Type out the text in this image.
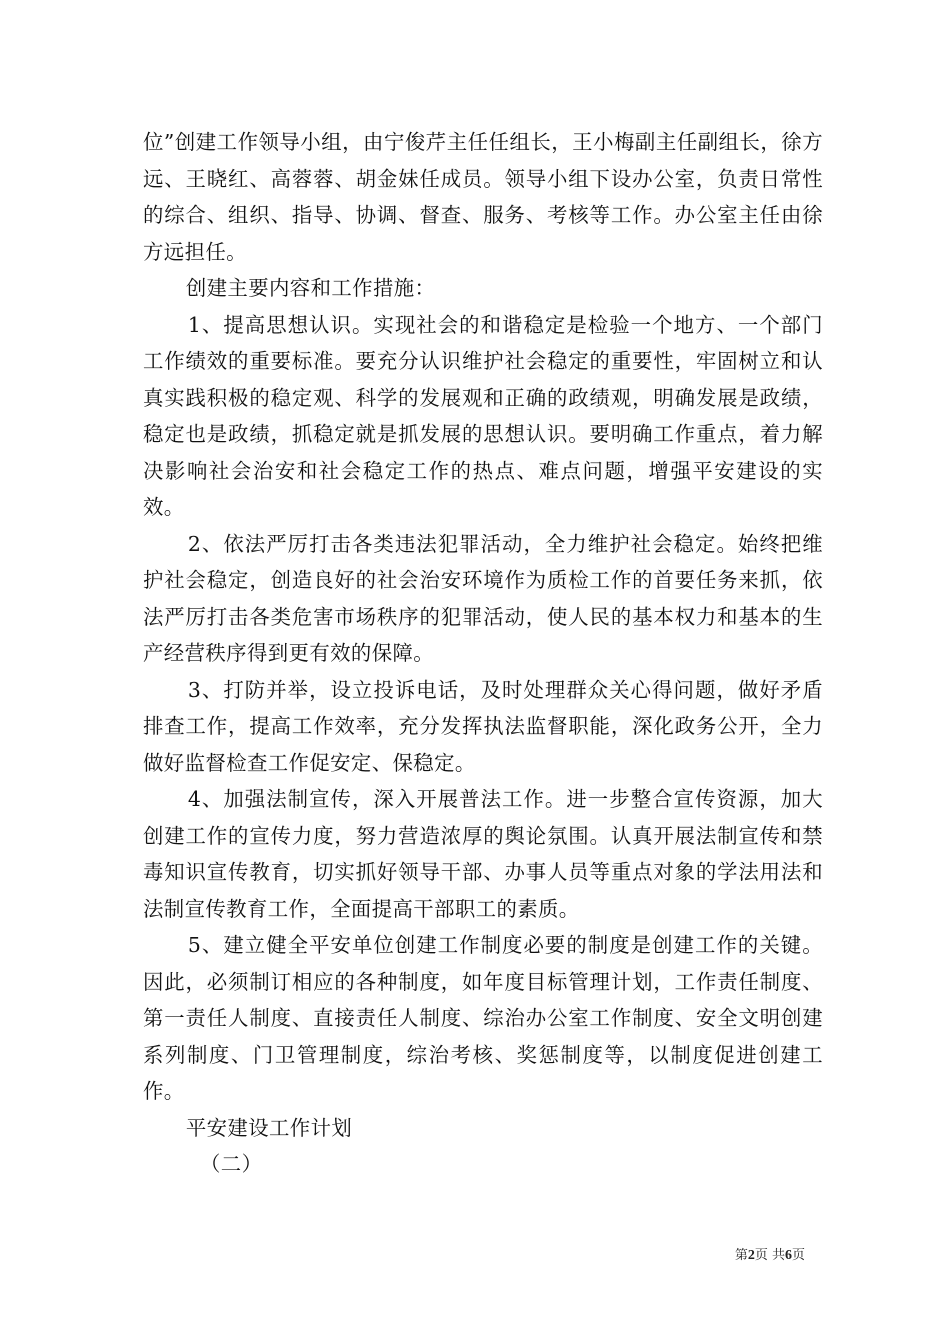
位”创建工作领导小组，由宁俊芹主任任组长，王小梅副主任副组长，徐方远、王晓红、高蓉蓉、胡金妹任成员。领导小组下设办公室，负责日常性的综合、组织、指导、协调、督查、服务、考核等工作。办公室主任由徐方远担任。

创建主要内容和工作措施：

1、提高思想认识。实现社会的和谐稳定是检验一个地方、一个部门工作绩效的重要标准。要充分认识维护社会稳定的重要性，牢固树立和认真实践积极的稳定观、科学的发展观和正确的政绩观，明确发展是政绩，稳定也是政绩，抓稳定就是抓发展的思想认识。要明确工作重点，着力解决影响社会治安和社会稳定工作的热点、难点问题，增强平安建设的实效。

2、依法严厉打击各类违法犯罪活动，全力维护社会稳定。始终把维护社会稳定，创造良好的社会治安环境作为质检工作的首要任务来抓，依法严厉打击各类危害市场秩序的犯罪活动，使人民的基本权力和基本的生产经营秩序得到更有效的保障。

3、打防并举，设立投诉电话，及时处理群众关心得问题，做好矛盾排查工作，提高工作效率，充分发挥执法监督职能，深化政务公开，全力做好监督检查工作促安定、保稳定。

4、加强法制宣传，深入开展普法工作。进一步整合宣传资源，加大创建工作的宣传力度，努力营造浓厚的舆论氛围。认真开展法制宣传和禁毒知识宣传教育，切实抓好领导干部、办事人员等重点对象的学法用法和法制宣传教育工作，全面提高干部职工的素质。

5、建立健全平安单位创建工作制度必要的制度是创建工作的关键。因此，必须制订相应的各种制度，如年度目标管理计划，工作责任制度、第一责任人制度、直接责任人制度、综治办公室工作制度、安全文明创建系列制度、门卫管理制度，综治考核、奖惩制度等，以制度促进创建工作。

平安建设工作计划

（二）

第2页 共6页
